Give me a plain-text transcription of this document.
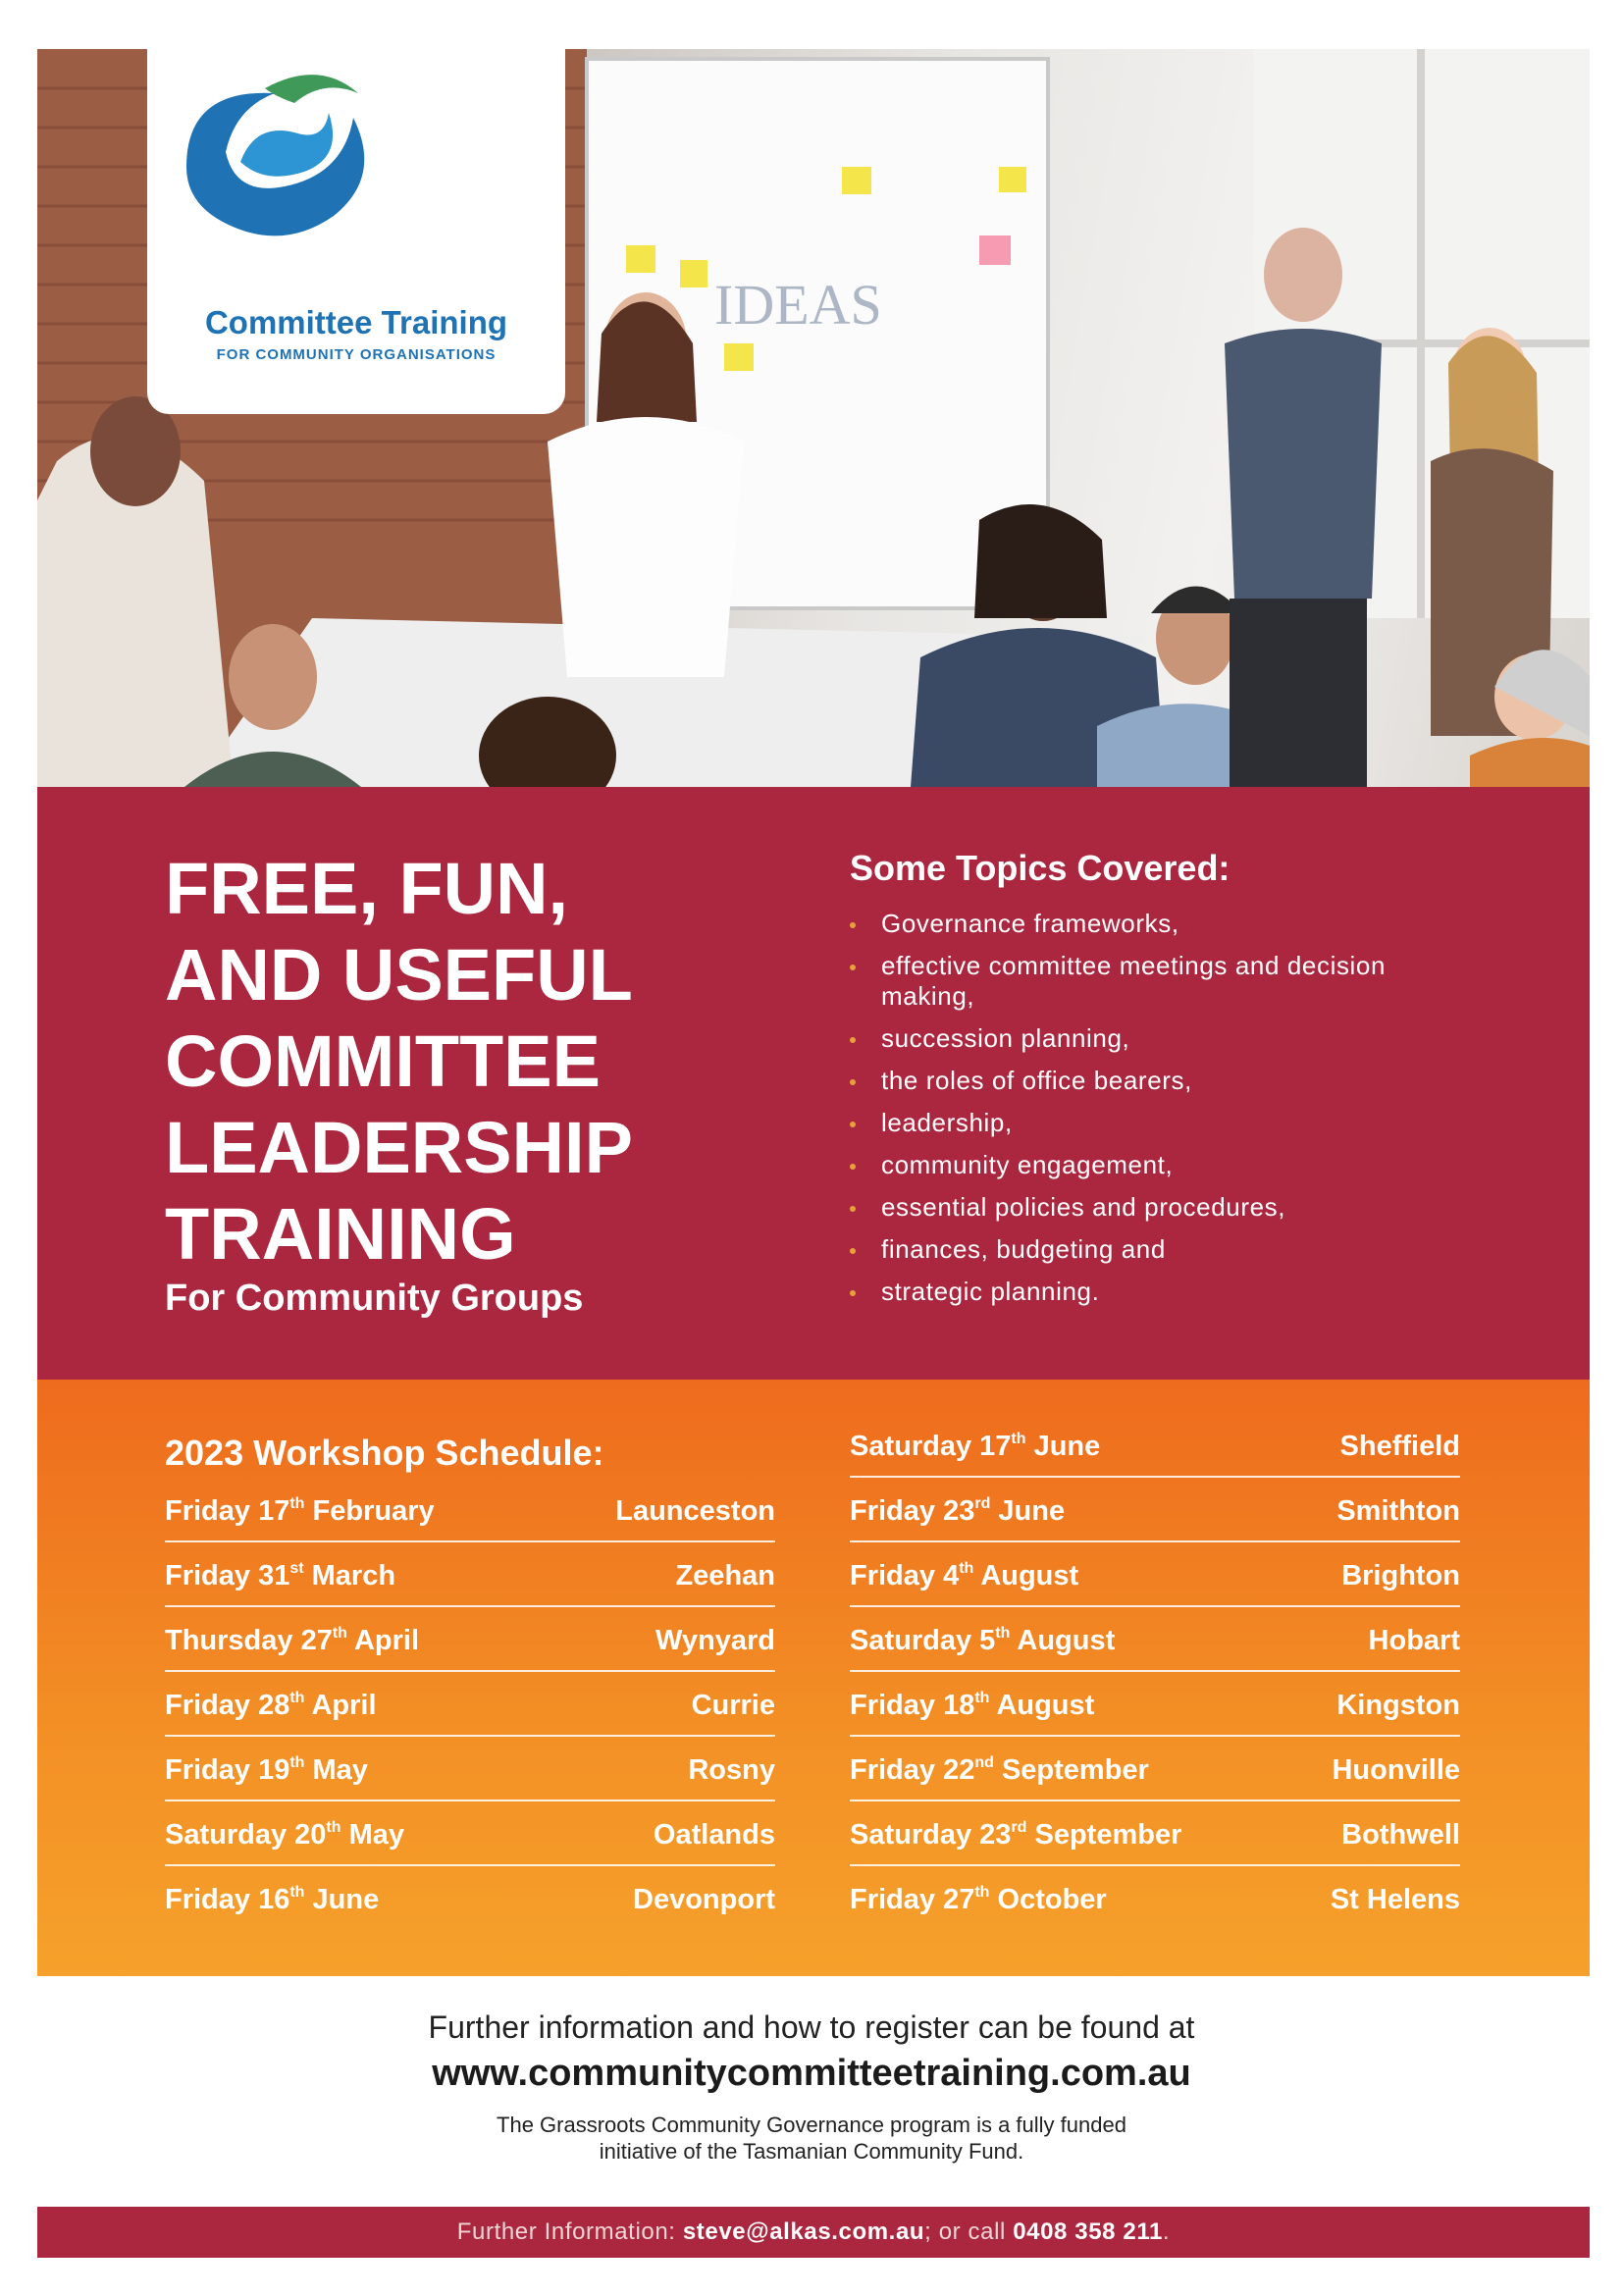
IDEAS
Committee Training
FOR COMMUNITY ORGANISATIONS
FREE, FUN,
AND USEFUL
COMMITTEE
LEADERSHIP
TRAINING
For Community Groups
Some Topics Covered:
Governance frameworks,
effective committee meetings and decision making,
succession planning,
the roles of office bearers,
leadership,
community engagement,
essential policies and procedures,
finances, budgeting and
strategic planning.
2023 Workshop Schedule:
Friday 17th February	Launceston
Friday 31st March	Zeehan
Thursday 27th April	Wynyard
Friday 28th April	Currie
Friday 19th May	Rosny
Saturday 20th May	Oatlands
Friday 16th June	Devonport
Saturday 17th June	Sheffield
Friday 23rd June	Smithton
Friday 4th August	Brighton
Saturday 5th August	Hobart
Friday 18th August	Kingston
Friday 22nd September	Huonville
Saturday 23rd September	Bothwell
Friday 27th October	St Helens
Further information and how to register can be found at
www.communitycommitteetraining.com.au
The Grassroots Community Governance program is a fully funded
initiative of the Tasmanian Community Fund.
Further Information: steve@alkas.com.au; or call 0408 358 211.
